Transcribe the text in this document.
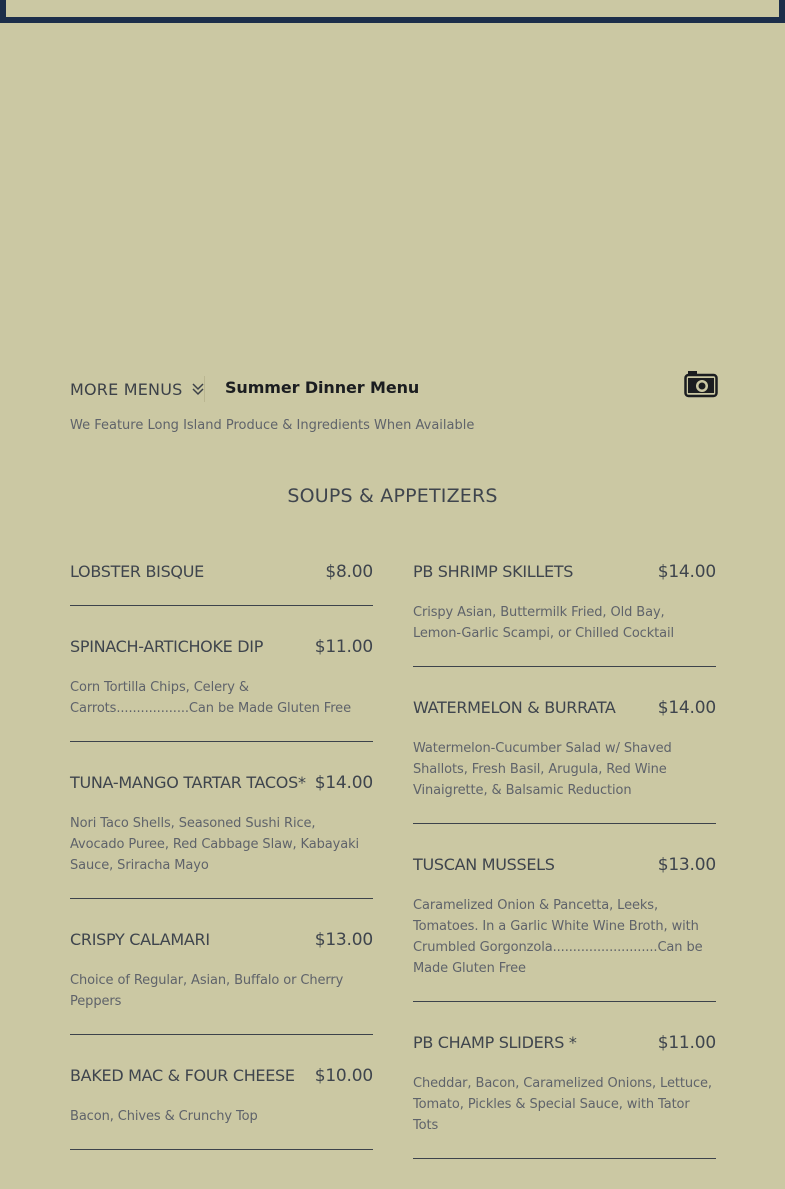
MORE MENUS	Summer Dinner Menu
We Feature Long Island Produce & Ingredients When Available
SOUPS & APPETIZERS
LOBSTER BISQUE	$8.00
SPINACH-ARTICHOKE DIP	$11.00
Corn Tortilla Chips, Celery & Carrots..................Can be Made Gluten Free
TUNA-MANGO TARTAR TACOS* $14.00
Nori Taco Shells, Seasoned Sushi Rice, Avocado Puree, Red Cabbage Slaw, Kabayaki Sauce, Sriracha Mayo
CRISPY CALAMARI	$13.00
Choice of Regular, Asian, Buffalo or Cherry Peppers
BAKED MAC & FOUR CHEESE $10.00
Bacon, Chives & Crunchy Top
PB SHRIMP SKILLETS	$14.00
Crispy Asian, Buttermilk Fried, Old Bay, Lemon-Garlic Scampi, or Chilled Cocktail
WATERMELON & BURRATA $14.00
Watermelon-Cucumber Salad w/ Shaved Shallots, Fresh Basil, Arugula, Red Wine Vinaigrette, & Balsamic Reduction
TUSCAN MUSSELS	$13.00
Caramelized Onion & Pancetta, Leeks, Tomatoes. In a Garlic White Wine Broth, with Crumbled Gorgonzola..........................Can be Made Gluten Free
PB CHAMP SLIDERS *	$11.00
Cheddar, Bacon, Caramelized Onions, Lettuce, Tomato, Pickles & Special Sauce, with Tator Tots
